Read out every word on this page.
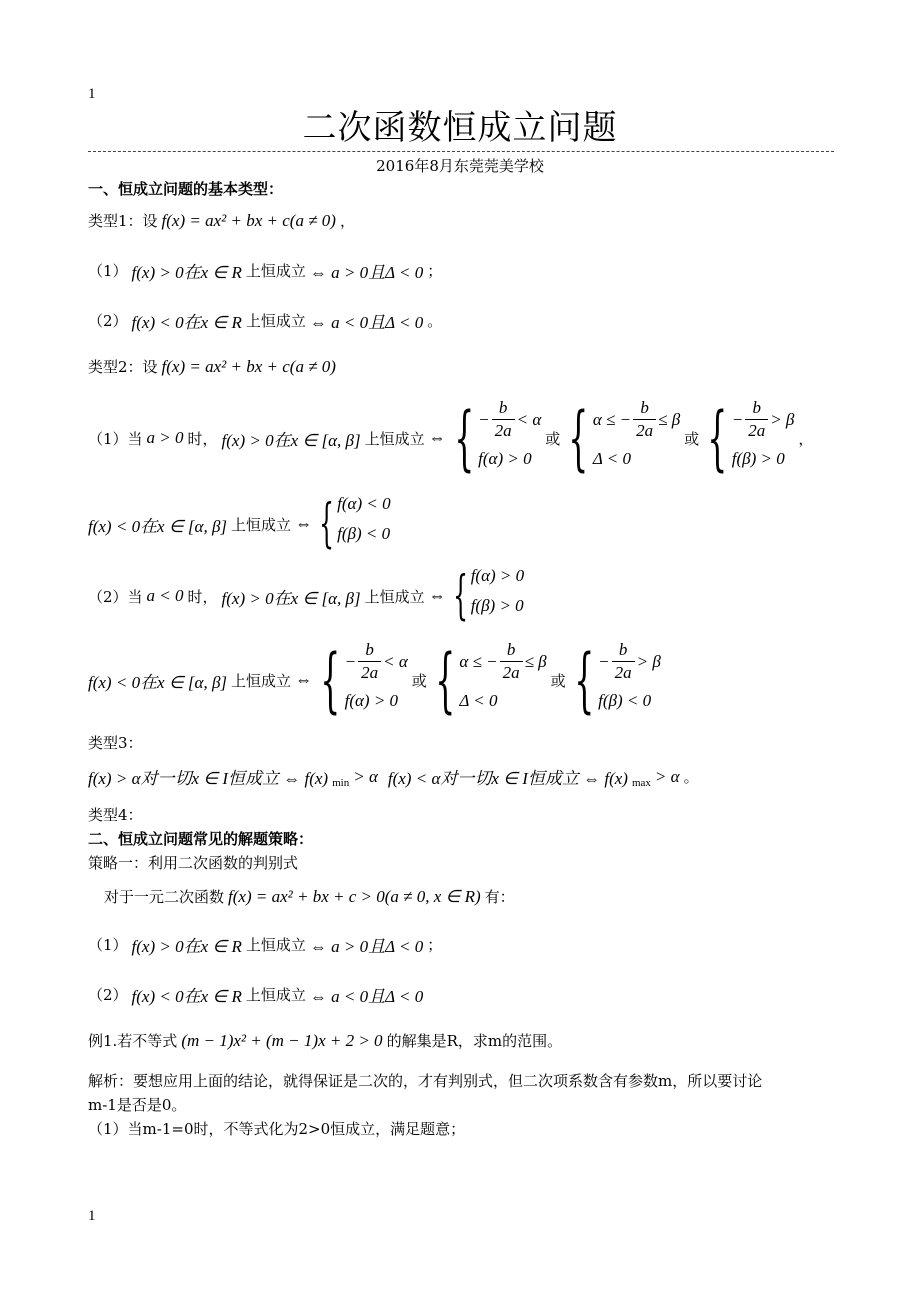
1
二次函数恒成立问题
2016年8月东莞莞美学校
一、恒成立问题的基本类型：
类型1：设 f(x) = ax² + bx + c(a ≠ 0) ，
（1） f(x) > 0在x ∈ R 上恒成立 ⇔ a > 0且Δ < 0 ；
（2） f(x) < 0在x ∈ R 上恒成立 ⇔ a < 0且Δ < 0 。
类型2：设 f(x) = ax² + bx + c(a ≠ 0)
（1）当 a > 0 时， f(x) > 0在x ∈ [α, β] 上恒成立 ⇔ { − $\frac{b}{2a} < \alpha$
f(α) > 0
或 { α ≤ − $\frac{b}{2a} \le \beta$
Δ < 0
或 { − $\frac{b}{2a} > \beta$
f(β) > 0
，
f(x) < 0在x ∈ [α, β] 上恒成立 ⇔ { f(α) < 0
f(β) < 0
（2）当 a < 0 时， f(x) > 0在x ∈ [α, β] 上恒成立 ⇔ { f(α) > 0
f(β) > 0
f(x) < 0在x ∈ [α, β] 上恒成立 ⇔ { − $\frac{b}{2a} < \alpha$
f(α) > 0
或 { α ≤ − $\frac{b}{2a} \le \beta$
Δ < 0
或 { − $\frac{b}{2a} > \beta$
f(β) < 0
类型3：
f(x) > α对一切x ∈ I恒成立 ⇔ f(x) min > α f(x) < α对一切x ∈ I恒成立 ⇔ f(x) max > α 。
类型4：
二、恒成立问题常见的解题策略：
策略一：利用二次函数的判别式
对于一元二次函数 f(x) = ax² + bx + c > 0(a ≠ 0, x ∈ R) 有：
（1） f(x) > 0在x ∈ R 上恒成立 ⇔ a > 0且Δ < 0 ；
（2） f(x) < 0在x ∈ R 上恒成立 ⇔ a < 0且Δ < 0
例1.若不等式 (m − 1)x² + (m − 1)x + 2 > 0 的解集是R，求m的范围。
解析：要想应用上面的结论，就得保证是二次的，才有判别式，但二次项系数含有参数m，所以要讨论
m-1是否是0。
（1）当m-1=0时，不等式化为2>0恒成立，满足题意；
1
